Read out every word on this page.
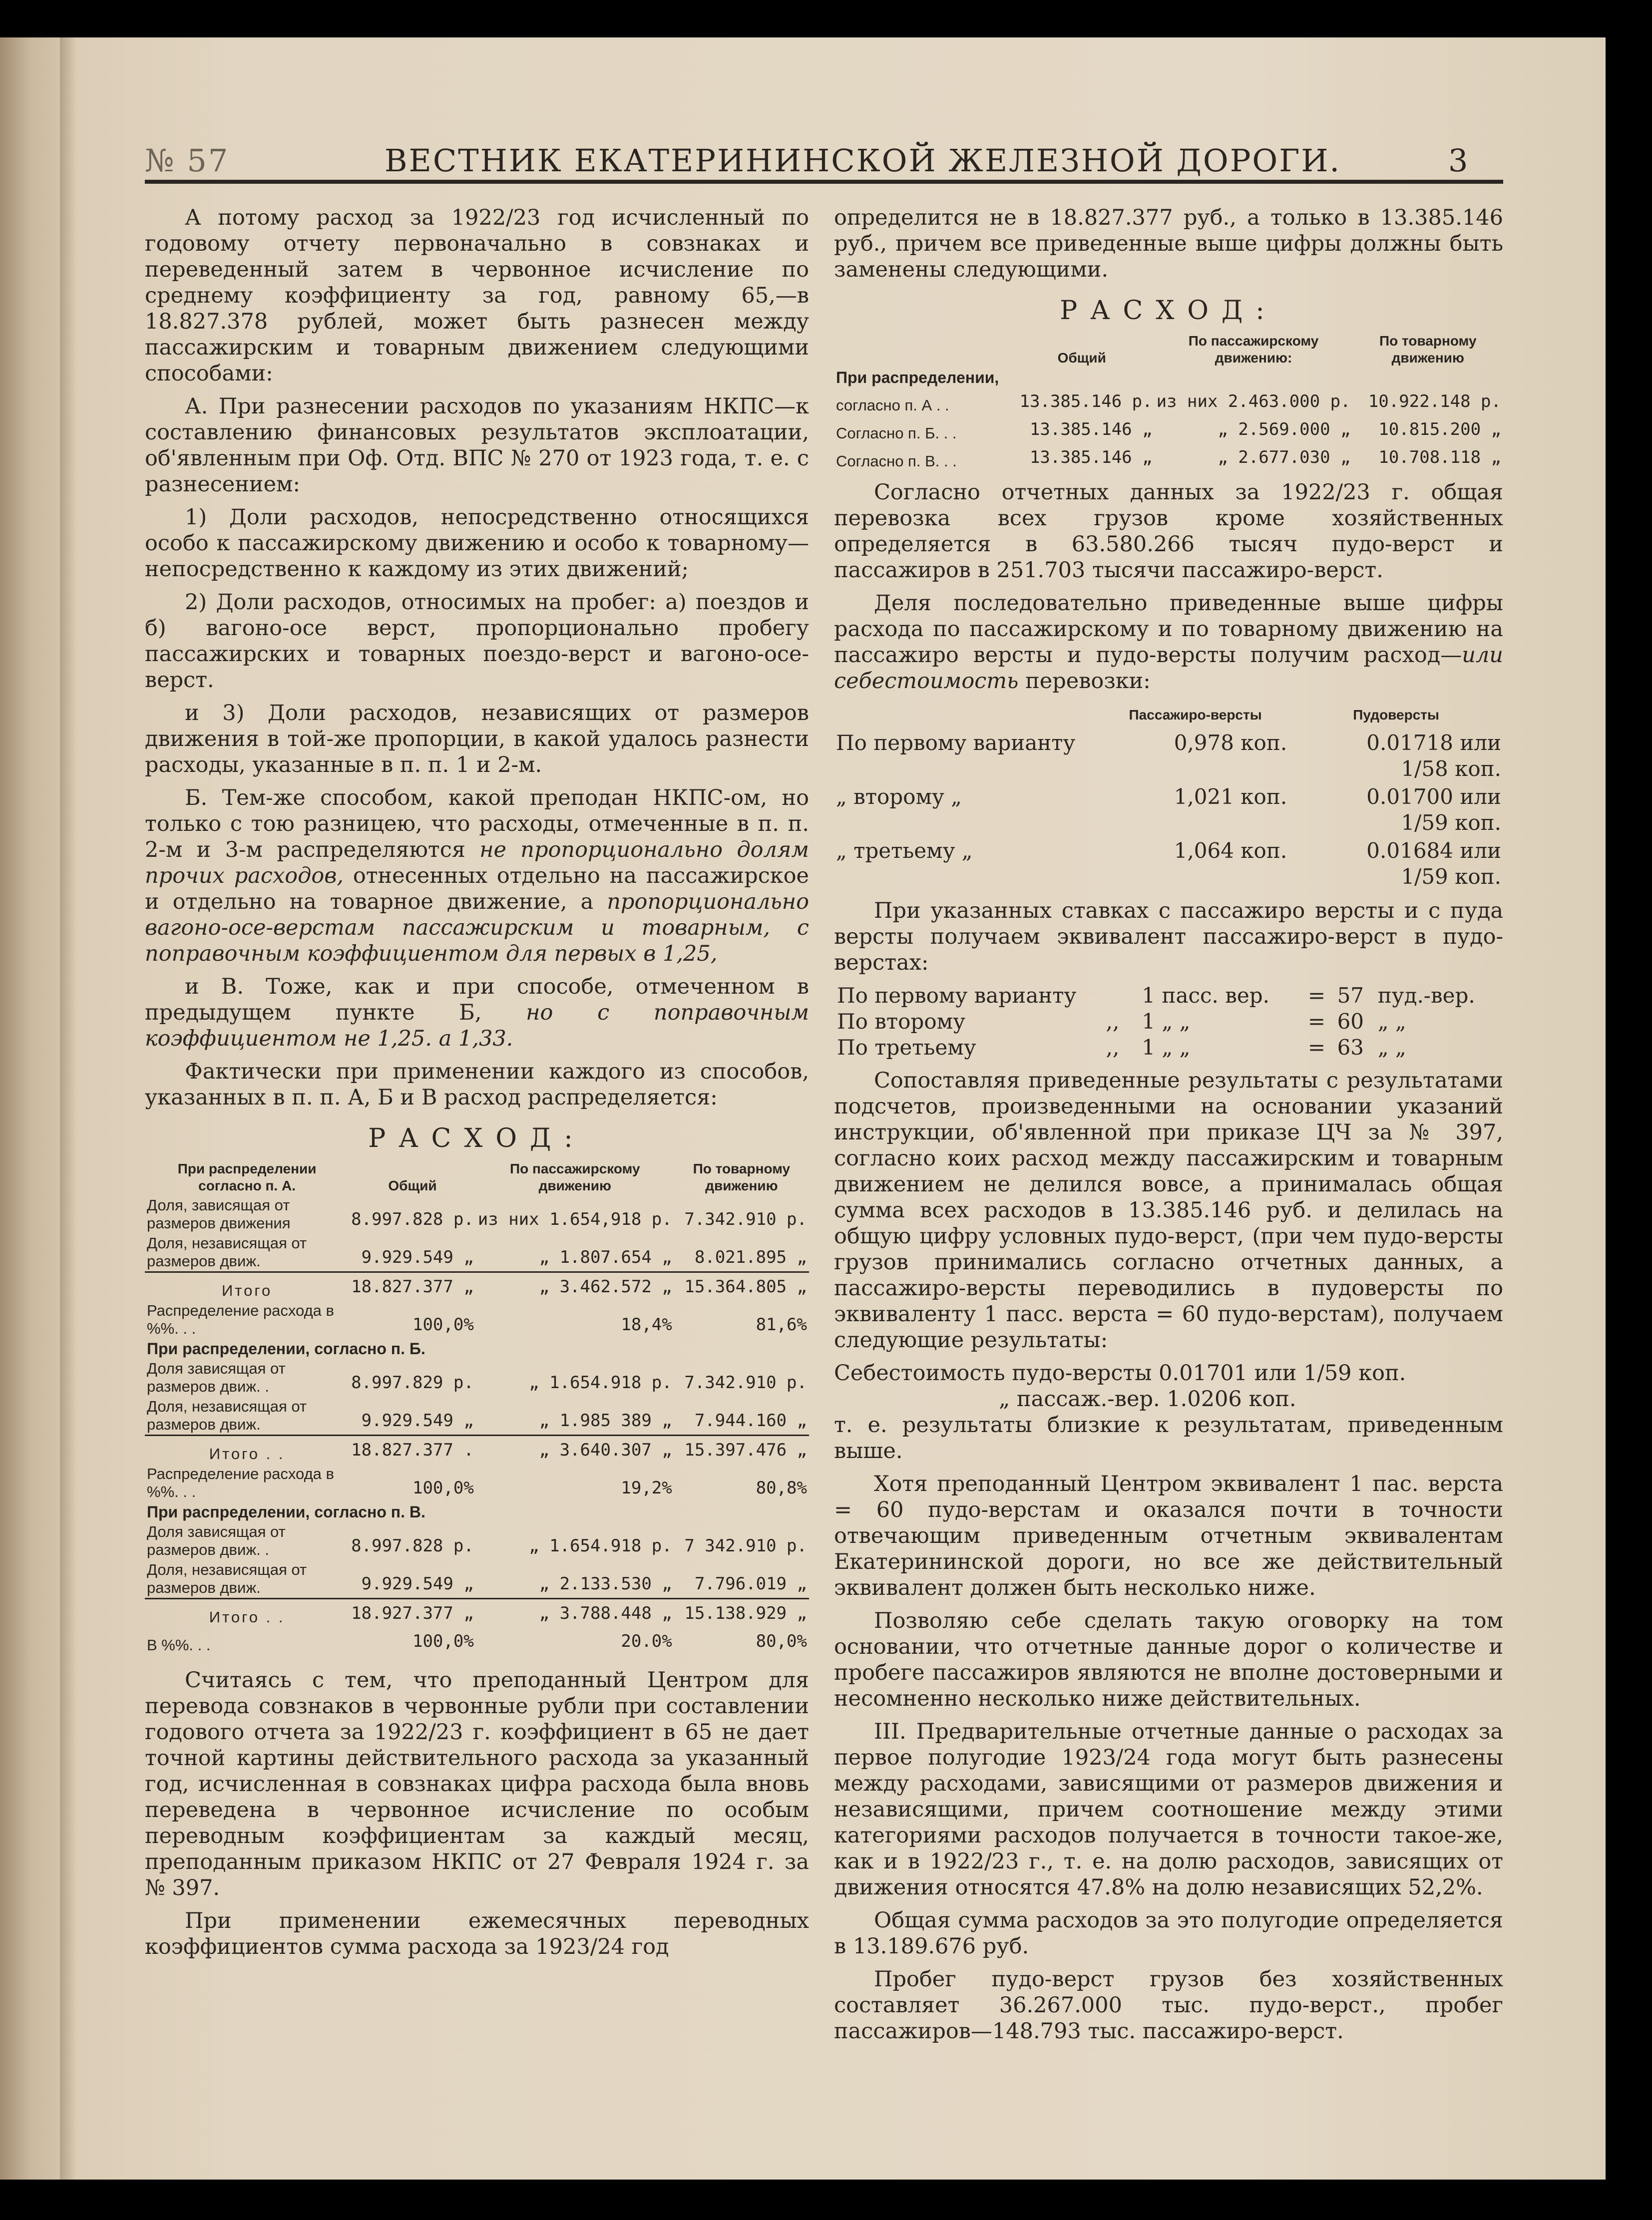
№ 57	ВЕСТНИК ЕКАТЕРИНИНСКОЙ ЖЕЛЕЗНОЙ ДОРОГИ.	3

А потому расход за 1922/23 год исчисленный по годовому отчету первоначально в совзнаках и переведенный затем в червонное исчисление по среднему коэффициенту за год, равному 65,—в 18.827.378 рублей, может быть разнесен между пассажирским и товарным движением следующими способами:

А. При разнесении расходов по указаниям НКПС—к составлению финансовых результатов эксплоатации, об'явленным при Оф. Отд. ВПС № 270 от 1923 года, т. е. с разнесением:

1) Доли расходов, непосредственно относящихся особо к пассажирскому движению и особо к товарному—непосредственно к каждому из этих движений;

2) Доли расходов, относимых на пробег: а) поездов и б) вагоно-осе верст, пропорционально пробегу пассажирских и товарных поездо-верст и вагоно-осе-верст.

и 3) Доли расходов, независящих от размеров движения в той-же пропорции, в какой удалось разнести расходы, указанные в п. п. 1 и 2-м.

Б. Тем-же способом, какой преподан НКПС-ом, но только с тою разницею, что расходы, отмеченные в п. п. 2-м и 3-м распределяются не пропорционально долям прочих расходов, отнесенных отдельно на пассажирское и отдельно на товарное движение, а пропорционально вагоно-осе-верстам пассажирским и товарным, с поправочным коэффициентом для первых в 1,25,

и В. Тоже, как и при способе, отмеченном в предыдущем пункте Б, но с поправочным коэффициентом не 1,25. а 1,33.

Фактически при применении каждого из способов, указанных в п. п. А, Б и В расход распределяется:

РАСХОД:
При распределении согласно п. А.	Общий	По пассажирскому движению	По товарному движению
Доля, зависящая от размеров движения	8.997.828 р.	из них 1.654,918 р.	7.342.910 р.
Доля, независящая от размеров движ.	9.929.549 „	„ 1.807.654 „	8.021.895 „
Итого	18.827.377 „	„ 3.462.572 „	15.364.805 „
Распределение расхода в %%. . .	100,0%	18,4%	81,6%
При распределении, согласно п. Б.			
Доля зависящая от размеров движ. .	8.997.829 р.	„ 1.654.918 р.	7.342.910 р.
Доля, независящая от размеров движ.	9.929.549 „	„ 1.985 389 „	7.944.160 „
Итого . .	18.827.377 .	„ 3.640.307 „	15.397.476 „
Распределение расхода в %%. . .	100,0%	19,2%	80,8%
При распределении, согласно п. В.			
Доля зависящая от размеров движ. .	8.997.828 р.	„ 1.654.918 р.	7 342.910 р.
Доля, независящая от размеров движ.	9.929.549 „	„ 2.133.530 „	7.796.019 „
Итого . .	18.927.377 „	„ 3.788.448 „	15.138.929 „
В %%. . .	100,0%	20.0%	80,0%

Считаясь с тем, что преподанный Центром для перевода совзнаков в червонные рубли при составлении годового отчета за 1922/23 г. коэффициент в 65 не дает точной картины действительного расхода за указанный год, исчисленная в совзнаках цифра расхода была вновь переведена в червонное исчисление по особым переводным коэффициентам за каждый месяц, преподанным приказом НКПС от 27 Февраля 1924 г. за № 397.

При применении ежемесячных переводных коэффициентов сумма расхода за 1923/24 год

определится не в 18.827.377 руб., а только в 13.385.146 руб., причем все приведенные выше цифры должны быть заменены следующими.

РАСХОД:
	Общий	По пассажирскому движению:	По товарному движению
При распределении,			
согласно п. А . .	13.385.146 р.	из них 2.463.000 р.	10.922.148 р.
Согласно п. Б. . .	13.385.146 „	„ 2.569.000 „	10.815.200 „
Согласно п. В. . .	13.385.146 „	„ 2.677.030 „	10.708.118 „

Согласно отчетных данных за 1922/23 г. общая перевозка всех грузов кроме хозяйственных определяется в 63.580.266 тысяч пудо-верст и пассажиров в 251.703 тысячи пассажиро-верст.

Деля последовательно приведенные выше цифры расхода по пассажирскому и по товарному движению на пассажиро версты и пудо-версты получим расход—или себестоимость перевозки:

	Пассажиро-версты	Пудоверсты
По первому варианту	0,978 коп.	0.01718 или
1/58 коп.

„ второму „	1,021 коп.	0.01700 или
1/59 коп.

„ третьему „	1,064 коп.	0.01684 или
1/59 коп.

При указанных ставках с пассажиро версты и с пуда версты получаем эквивалент пассажиро-верст в пудо-верстах:

По первому варианту		1 пасс. вер.	=	57	пуд.-вер.
По второму	,,	1 „ „	=	60	„ „
По третьему	,,	1 „ „	=	63	„ „

Сопоставляя приведенные результаты с результатами подсчетов, произведенными на основании указаний инструкции, об'явленной при приказе ЦЧ за № 397, согласно коих расход между пассажирским и товарным движением не делился вовсе, а принималась общая сумма всех расходов в 13.385.146 руб. и делилась на общую цифру условных пудо-верст, (при чем пудо-версты грузов принимались согласно отчетных данных, а пассажиро-версты переводились в пудоверсты по эквиваленту 1 пасс. верста = 60 пудо-верстам), получаем следующие результаты:

Себестоимость пудо-версты 0.01701 или 1/59 коп.

„ пассаж.-вер. 1.0206 коп.

т. е. результаты близкие к результатам, приведенным выше.

Хотя преподанный Центром эквивалент 1 пас. верста = 60 пудо-верстам и оказался почти в точности отвечающим приведенным отчетным эквивалентам Екатерининской дороги, но все же действительный эквивалент должен быть несколько ниже.

Позволяю себе сделать такую оговорку на том основании, что отчетные данные дорог о количестве и пробеге пассажиров являются не вполне достоверными и несомненно несколько ниже действительных.

III. Предварительные отчетные данные о расходах за первое полугодие 1923/24 года могут быть разнесены между расходами, зависящими от размеров движения и независящими, причем соотношение между этими категориями расходов получается в точности такое-же, как и в 1922/23 г., т. е. на долю расходов, зависящих от движения относятся 47.8% на долю независящих 52,2%.

Общая сумма расходов за это полугодие определяется в 13.189.676 руб.

Пробег пудо-верст грузов без хозяйственных составляет 36.267.000 тыс. пудо-верст., пробег пассажиров—148.793 тыс. пассажиро-верст.
